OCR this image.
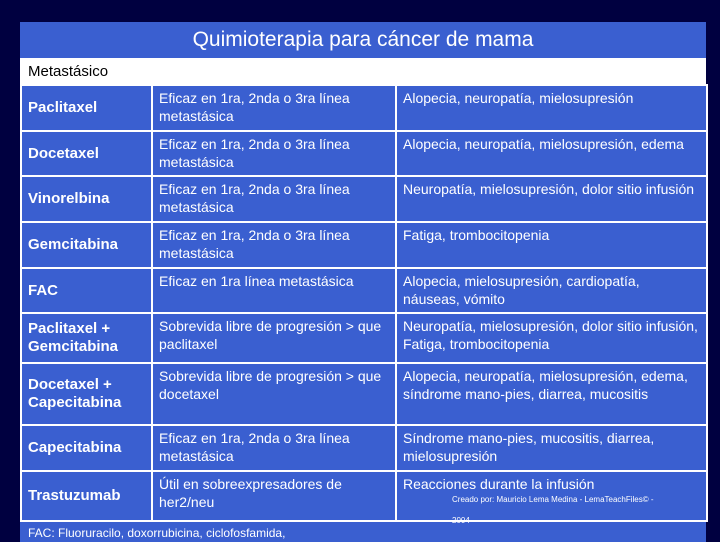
Quimioterapia para cáncer de mama
Metastásico
Paclitaxel	Eficaz en 1ra, 2nda o 3ra línea metastásica	Alopecia, neuropatía, mielosupresión
Docetaxel	Eficaz en 1ra, 2nda o 3ra línea metastásica	Alopecia, neuropatía, mielosupresión, edema
Vinorelbina	Eficaz en 1ra, 2nda o 3ra línea metastásica	Neuropatía, mielosupresión, dolor sitio infusión
Gemcitabina	Eficaz en 1ra, 2nda o 3ra línea metastásica	Fatiga, trombocitopenia
FAC	Eficaz en 1ra línea metastásica	Alopecia, mielosupresión, cardiopatía, náuseas, vómito
Paclitaxel + Gemcitabina	Sobrevida libre de progresión > que paclitaxel	Neuropatía, mielosupresión, dolor sitio infusión, Fatiga, trombocitopenia
Docetaxel + Capecitabina	Sobrevida libre de progresión > que docetaxel	Alopecia, neuropatía, mielosupresión, edema, síndrome mano-pies, diarrea, mucositis
Capecitabina	Eficaz en 1ra, 2nda o 3ra línea metastásica	Síndrome mano-pies, mucositis, diarrea, mielosupresión
Trastuzumab	Útil en sobreexpresadores de her2/neu	Reacciones durante la infusión
FAC: Fluoruracilo, doxorrubicina, ciclofosfamida,
Creado por: Mauricio Lema Medina - LemaTeachFiles© -
2004
